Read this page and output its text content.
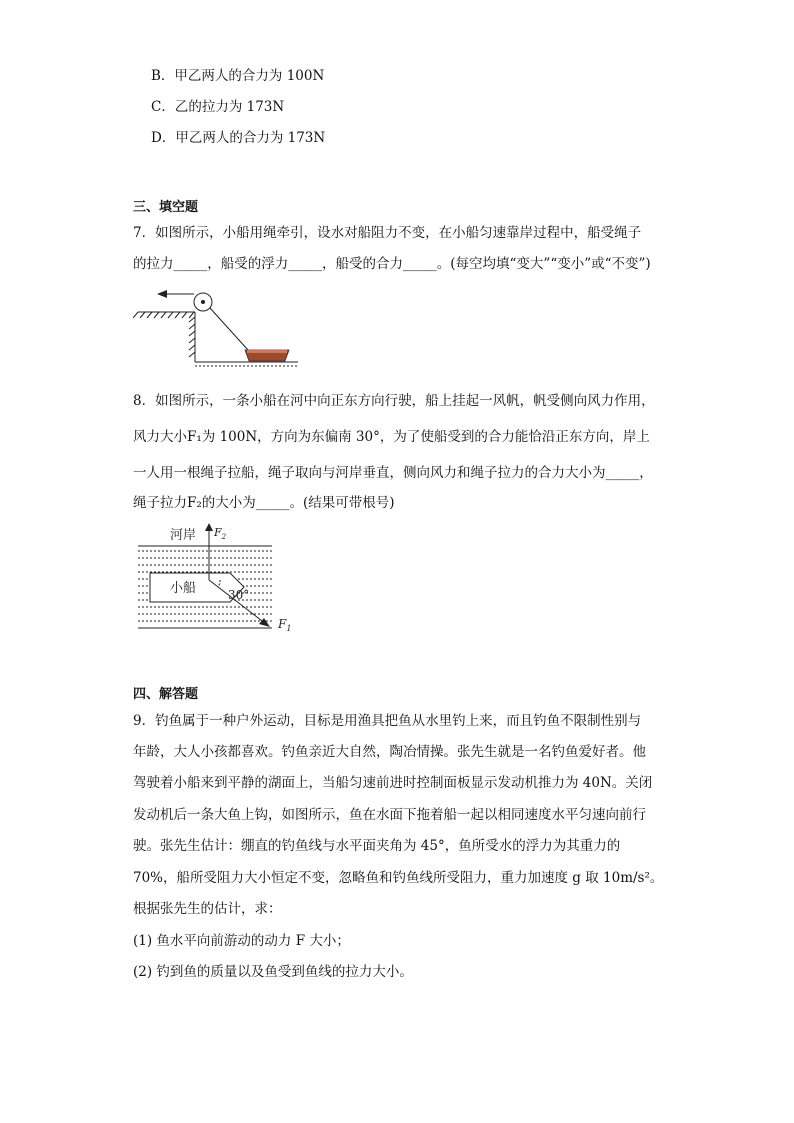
B．甲乙两人的合力为 100N
C．乙的拉力为 173N
D．甲乙两人的合力为 173N
三、填空题
7．如图所示，小船用绳牵引，设水对船阻力不变，在小船匀速靠岸过程中，船受绳子
的拉力_____，船受的浮力_____，船受的合力_____。(每空均填“变大”“变小”或“不变”)
8．如图所示，一条小船在河中向正东方向行驶，船上挂起一风帆，帆受侧向风力作用，
风力大小F₁为 100N，方向为东偏南 30°，为了使船受到的合力能恰沿正东方向，岸上
一人用一根绳子拉船，绳子取向与河岸垂直，侧向风力和绳子拉力的合力大小为_____，
绳子拉力F₂的大小为_____。(结果可带根号)
河岸 $F_2$
小船	30°
$F_1$
四、解答题
9．钓鱼属于一种户外运动，目标是用渔具把鱼从水里钓上来，而且钓鱼不限制性别与
年龄，大人小孩都喜欢。钓鱼亲近大自然，陶冶情操。张先生就是一名钓鱼爱好者。他
驾驶着小船来到平静的湖面上，当船匀速前进时控制面板显示发动机推力为 40N。关闭
发动机后一条大鱼上钩，如图所示，鱼在水面下拖着船一起以相同速度水平匀速向前行
驶。张先生估计：绷直的钓鱼线与水平面夹角为 45°，鱼所受水的浮力为其重力的
70%，船所受阻力大小恒定不变，忽略鱼和钓鱼线所受阻力，重力加速度 g 取 10m/s²。
根据张先生的估计，求：
(1) 鱼水平向前游动的动力 F 大小；
(2) 钓到鱼的质量以及鱼受到鱼线的拉力大小。
